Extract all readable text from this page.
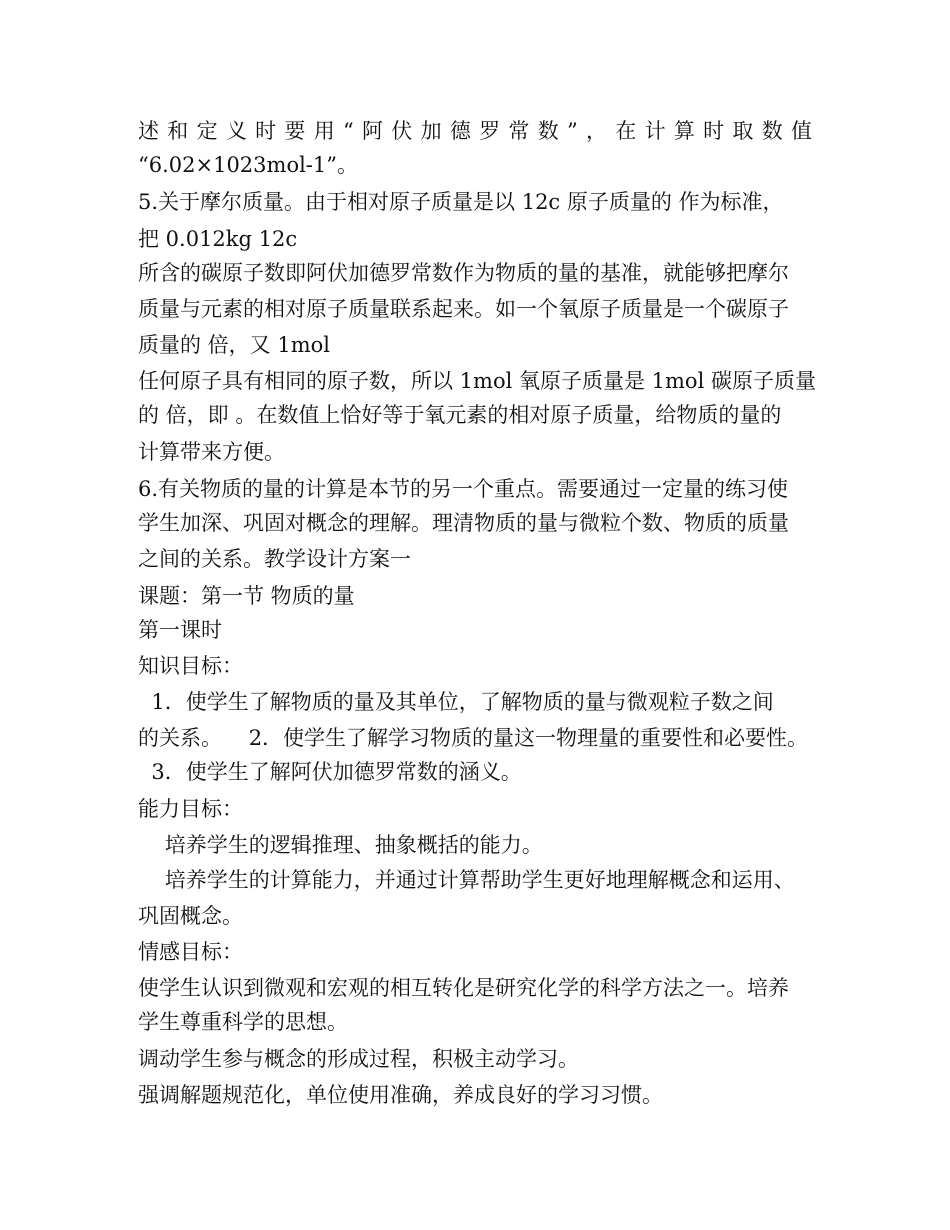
述和定义时要用“阿伏加德罗常数”，在计算时取数值
“6.02×1023mol-1”。
5.关于摩尔质量。由于相对原子质量是以 12c 原子质量的 作为标准，
把 0.012kg 12c
所含的碳原子数即阿伏加德罗常数作为物质的量的基准，就能够把摩尔
质量与元素的相对原子质量联系起来。如一个氧原子质量是一个碳原子
质量的 倍，又 1mol
任何原子具有相同的原子数，所以 1mol 氧原子质量是 1mol 碳原子质量
的 倍，即 。在数值上恰好等于氧元素的相对原子质量，给物质的量的
计算带来方便。
6.有关物质的量的计算是本节的另一个重点。需要通过一定量的练习使
学生加深、巩固对概念的理解。理清物质的量与微粒个数、物质的质量
之间的关系。教学设计方案一
课题：第一节 物质的量
第一课时
知识目标：
1．使学生了解物质的量及其单位，了解物质的量与微观粒子数之间
的关系。    2．使学生了解学习物质的量这一物理量的重要性和必要性。
3．使学生了解阿伏加德罗常数的涵义。
能力目标：
培养学生的逻辑推理、抽象概括的能力。
培养学生的计算能力，并通过计算帮助学生更好地理解概念和运用、
巩固概念。
情感目标：
使学生认识到微观和宏观的相互转化是研究化学的科学方法之一。培养
学生尊重科学的思想。
调动学生参与概念的形成过程，积极主动学习。
强调解题规范化，单位使用准确，养成良好的学习习惯。
